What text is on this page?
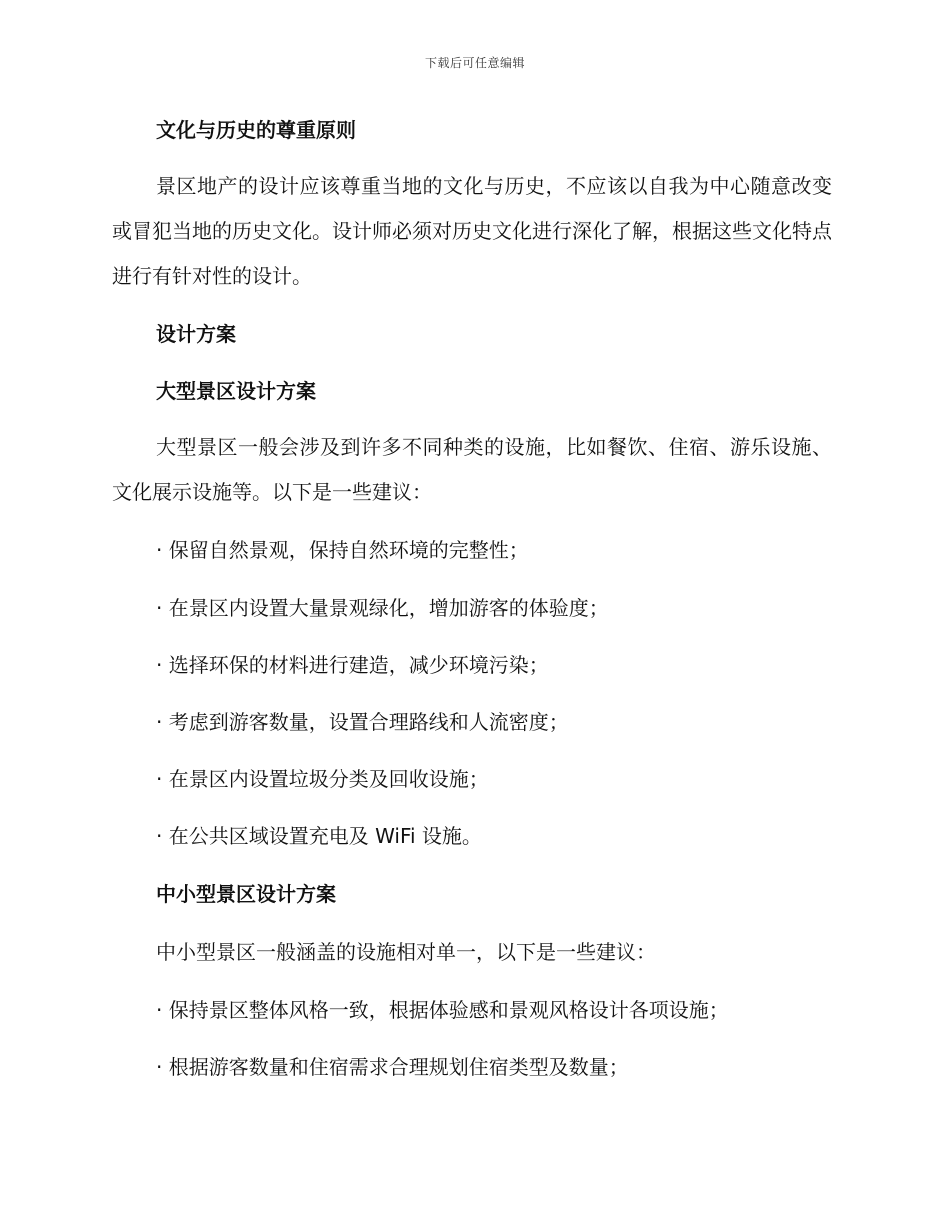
下载后可任意编辑
文化与历史的尊重原则

景区地产的设计应该尊重当地的文化与历史，不应该以自我为中心随意改变或冒犯当地的历史文化。设计师必须对历史文化进行深化了解，根据这些文化特点进行有针对性的设计。

设计方案
大型景区设计方案

大型景区一般会涉及到许多不同种类的设施，比如餐饮、住宿、游乐设施、文化展示设施等。以下是一些建议：

· 保留自然景观，保持自然环境的完整性；

· 在景区内设置大量景观绿化，增加游客的体验度；

· 选择环保的材料进行建造，减少环境污染；

· 考虑到游客数量，设置合理路线和人流密度；

· 在景区内设置垃圾分类及回收设施；

· 在公共区域设置充电及 WiFi 设施。

中小型景区设计方案

中小型景区一般涵盖的设施相对单一，以下是一些建议：

· 保持景区整体风格一致，根据体验感和景观风格设计各项设施；

· 根据游客数量和住宿需求合理规划住宿类型及数量；
